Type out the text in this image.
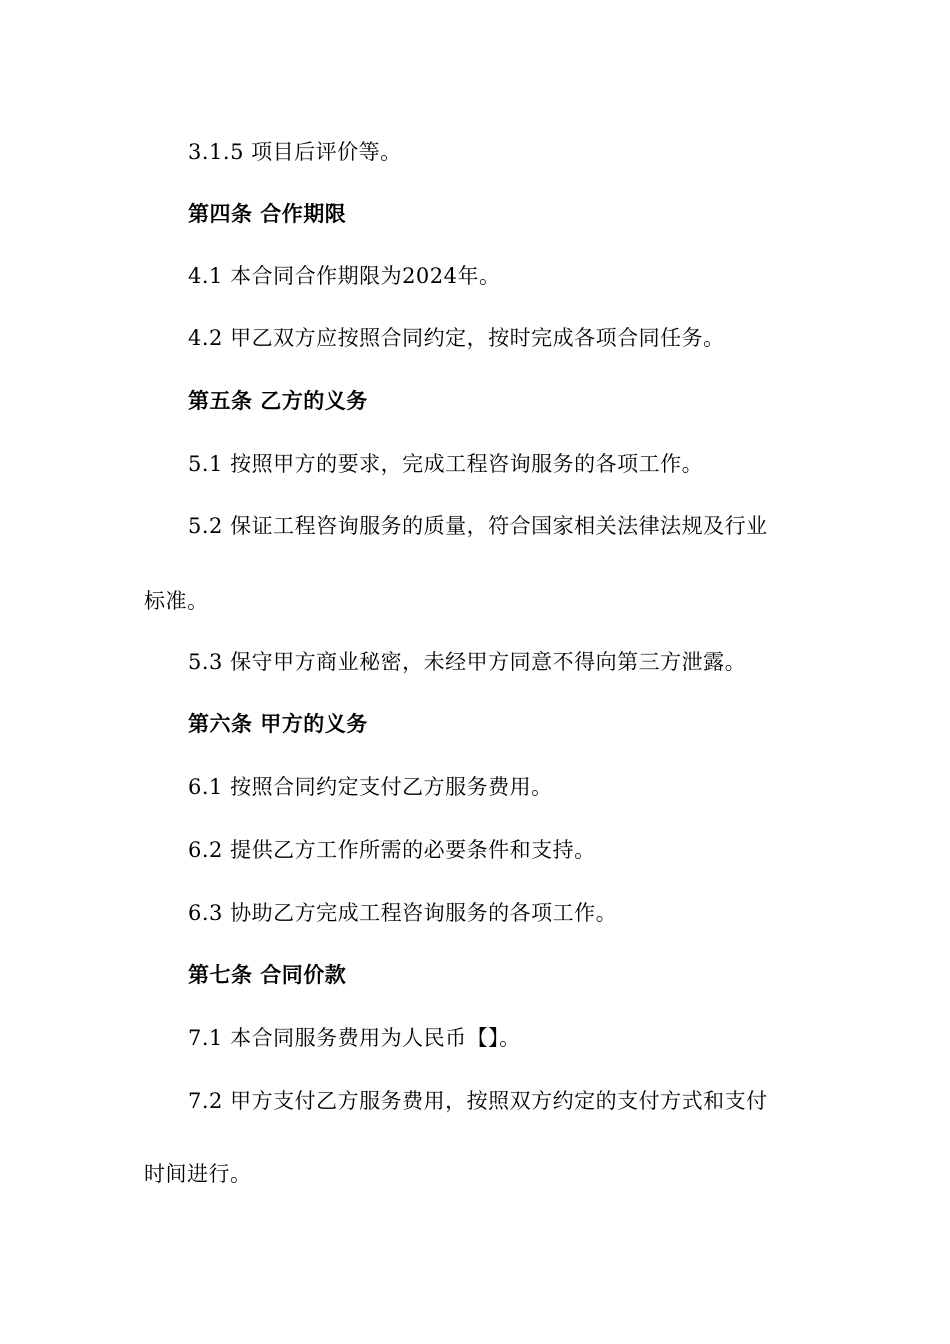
3.1.5 项目后评价等。
第四条 合作期限
4.1 本合同合作期限为2024年。
4.2 甲乙双方应按照合同约定，按时完成各项合同任务。
第五条 乙方的义务
5.1 按照甲方的要求，完成工程咨询服务的各项工作。
5.2 保证工程咨询服务的质量，符合国家相关法律法规及行业
标准。
5.3 保守甲方商业秘密，未经甲方同意不得向第三方泄露。
第六条 甲方的义务
6.1 按照合同约定支付乙方服务费用。
6.2 提供乙方工作所需的必要条件和支持。
6.3 协助乙方完成工程咨询服务的各项工作。
第七条 合同价款
7.1 本合同服务费用为人民币【】。
7.2 甲方支付乙方服务费用，按照双方约定的支付方式和支付
时间进行。
